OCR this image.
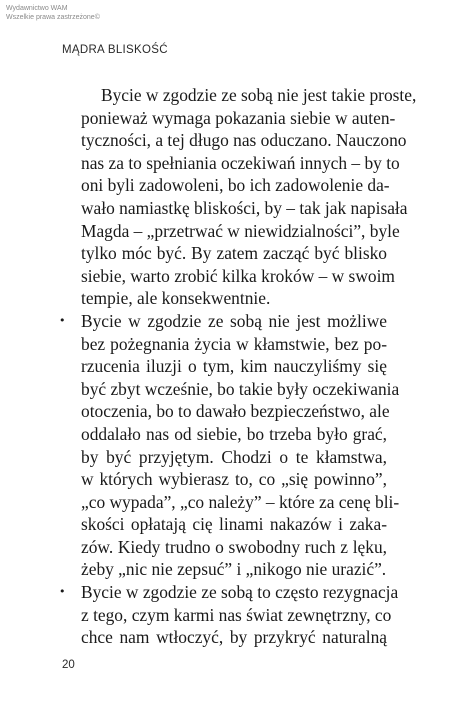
Wydawnictwo WAM
Wszelkie prawa zastrzeżone©
MĄDRA BLISKOŚĆ
Bycie w zgodzie ze sobą nie jest takie proste,
ponieważ wymaga pokazania siebie w auten-
tyczności, a tej długo nas oduczano. Nauczono
nas za to spełniania oczekiwań innych – by to
oni byli zadowoleni, bo ich zadowolenie da-
wało namiastkę bliskości, by – tak jak napisała
Magda – „przetrwać w niewidzialności”, byle
tylko móc być. By zatem zacząć być blisko
siebie, warto zrobić kilka kroków – w swoim
tempie, ale konsekwentnie.
• Bycie w zgodzie ze sobą nie jest możliwe
bez pożegnania życia w kłamstwie, bez po-
rzucenia iluzji o tym, kim nauczyliśmy się
być zbyt wcześnie, bo takie były oczekiwania
otoczenia, bo to dawało bezpieczeństwo, ale
oddalało nas od siebie, bo trzeba było grać,
by być przyjętym. Chodzi o te kłamstwa,
w których wybierasz to, co „się powinno”,
„co wypada”, „co należy” – które za cenę bli-
skości opłatają cię linami nakazów i zaka-
zów. Kiedy trudno o swobodny ruch z lęku,
żeby „nic nie zepsuć” i „nikogo nie urazić”.
• Bycie w zgodzie ze sobą to często rezygnacja
z tego, czym karmi nas świat zewnętrzny, co
chce nam wtłoczyć, by przykryć naturalną
20
